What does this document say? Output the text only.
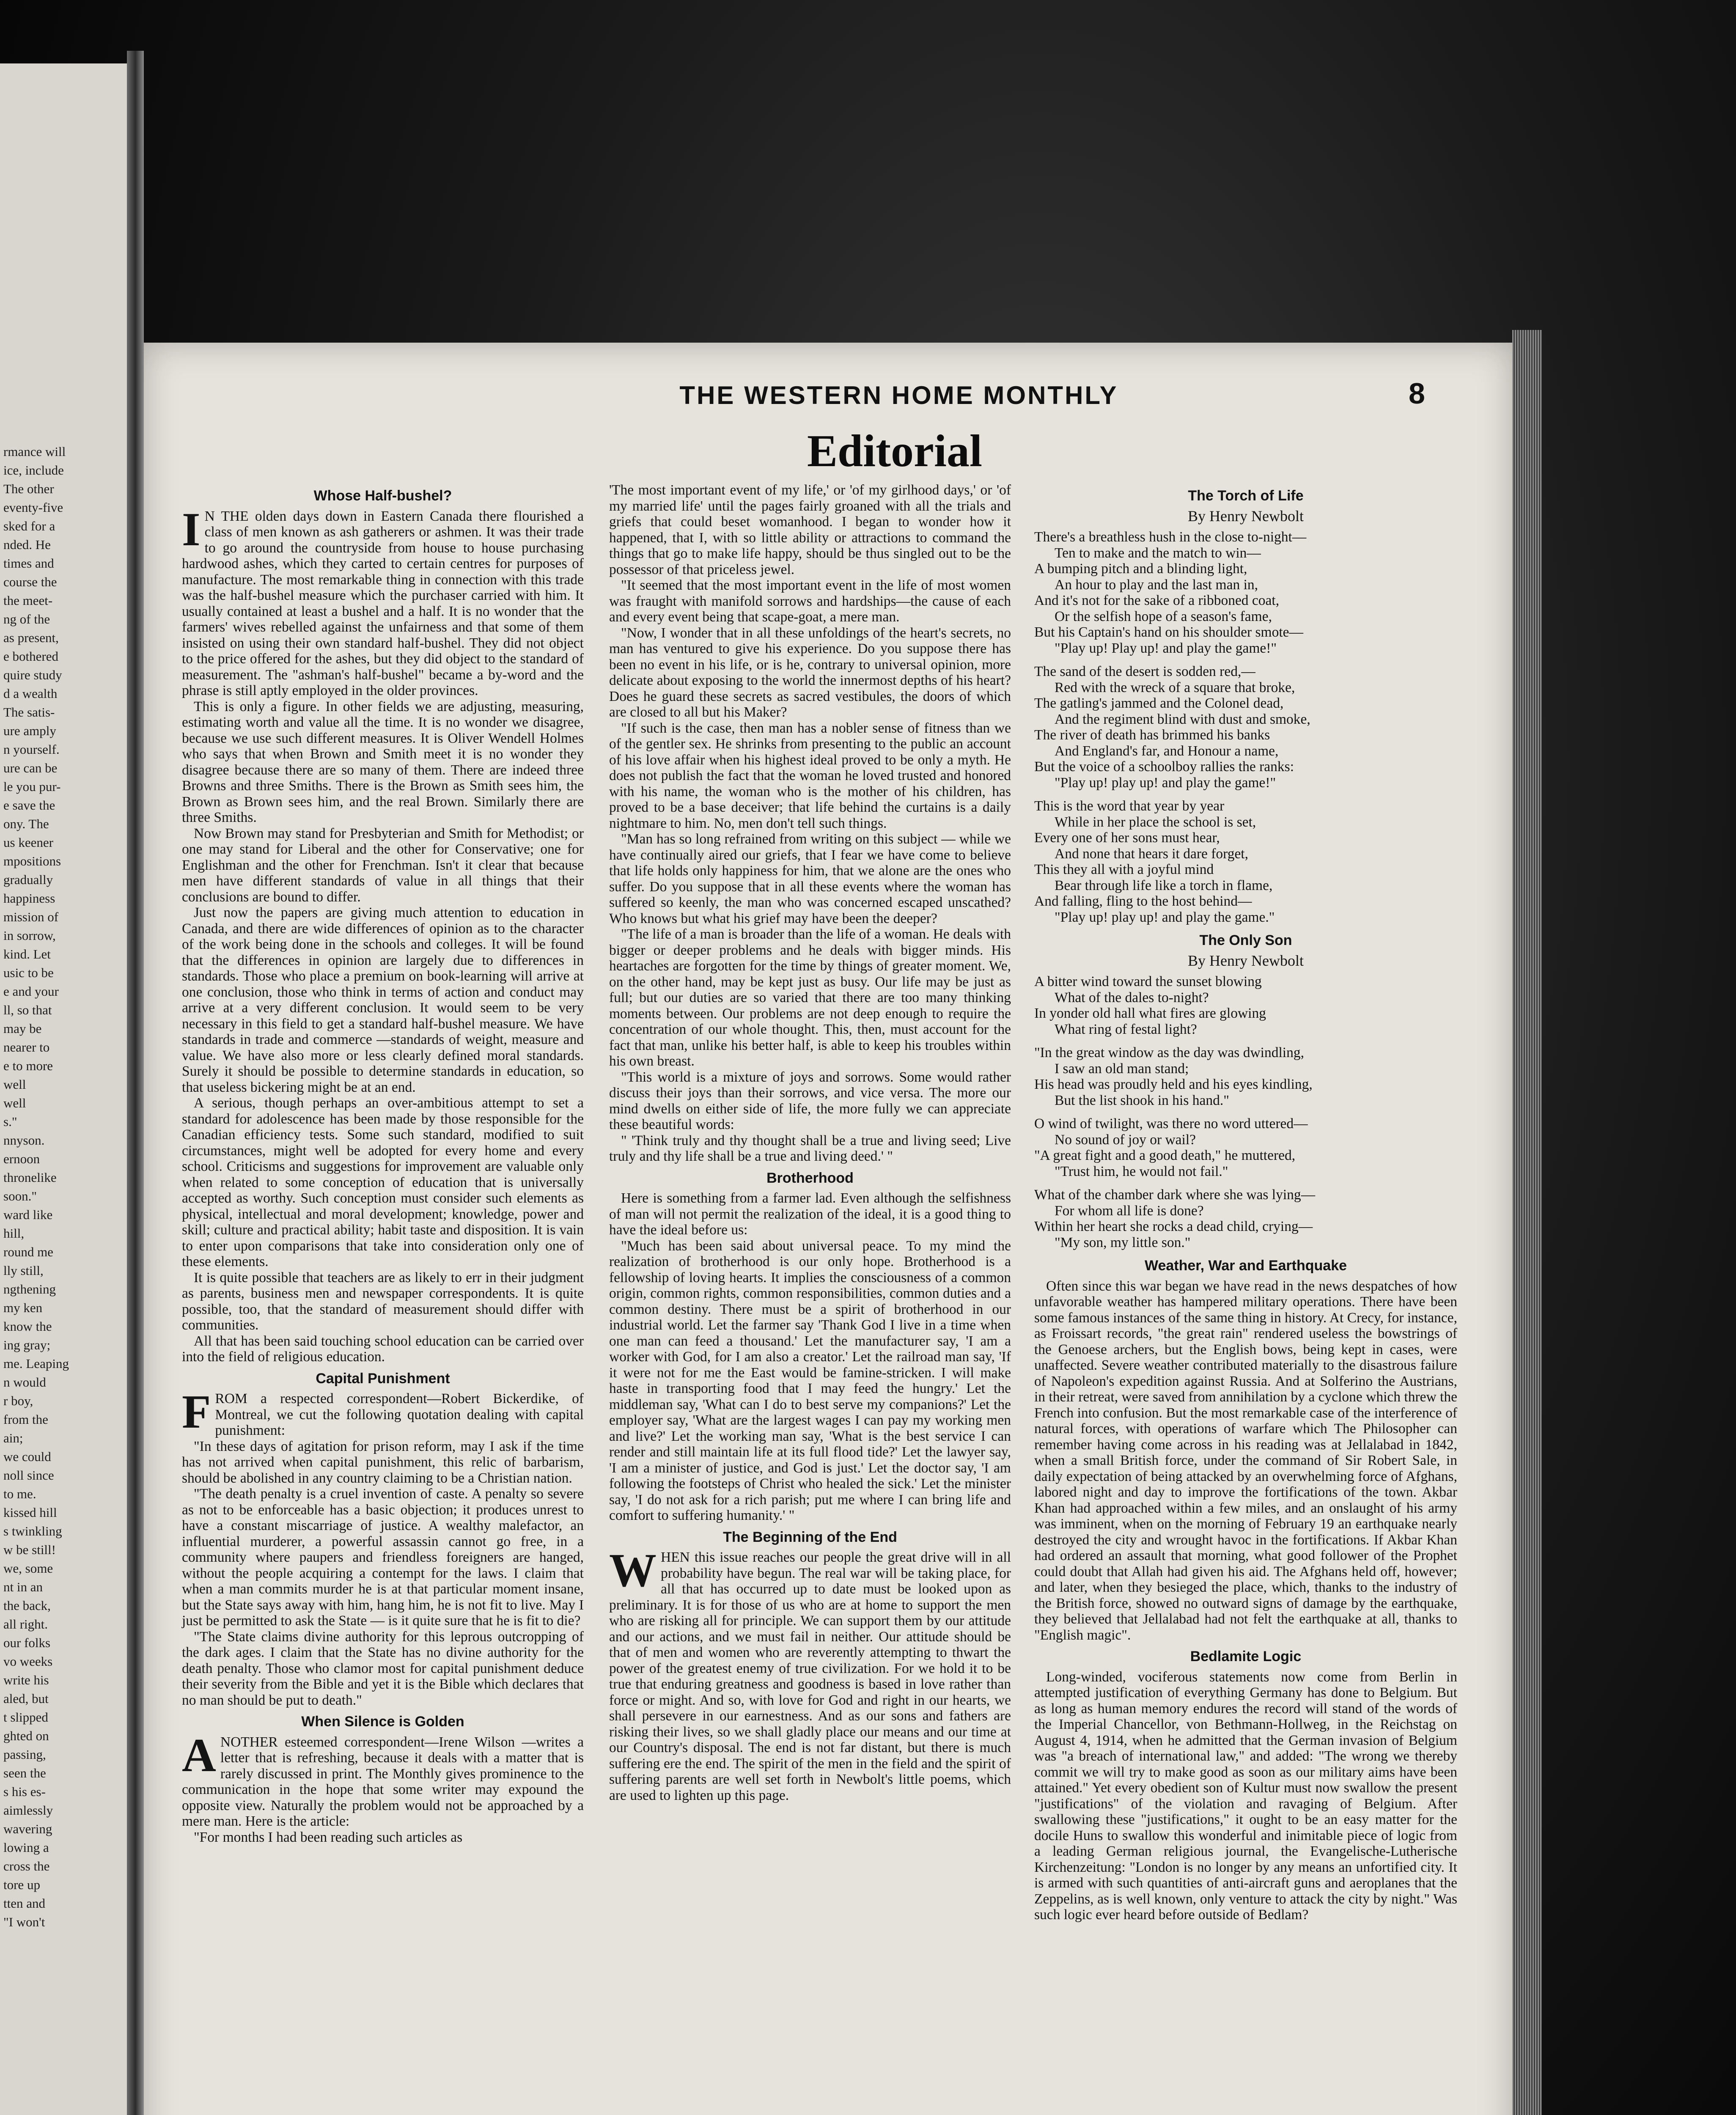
rmance will
ice, include
The other
eventy-five
sked for a
nded. He
times and
course the
the meet-
ng of the
as present,
e bothered
quire study
d a wealth
The satis-
ure amply
n yourself.
ure can be
le you pur-
e save the
ony. The
us keener
mpositions
gradually
happiness
mission of
in sorrow,
kind. Let
usic to be
e and your
ll, so that
may be
nearer to
e to more
well
well
s."
nnyson.
ernoon
thronelike
soon."
ward like
hill,
round me
lly still,
ngthening
my ken
know the
ing gray;
me. Leaping
n would
r boy,
from the
ain;
we could
noll since
to me.
kissed hill
s twinkling
w be still!
we, some
nt in an
the back,
all right.
our folks
vo weeks
write his
aled, but
t slipped
ghted on
passing,
seen the
s his es-
aimlessly
wavering
lowing a
cross the
tore up
tten and
"I won't
THE WESTERN HOME MONTHLY	8
Editorial
Whose Half-bushel?

I N THE olden days down in Eastern Canada there flourished a class of men known as ash gatherers or ashmen. It was their trade to go around the countryside from house to house purchasing hardwood ashes, which they carted to certain centres for purposes of manufacture. The most remarkable thing in connection with this trade was the half-bushel measure which the purchaser carried with him. It usually contained at least a bushel and a half. It is no wonder that the farmers' wives rebelled against the unfairness and that some of them insisted on using their own standard half-bushel. They did not object to the price offered for the ashes, but they did object to the standard of measurement. The "ashman's half-bushel" became a by-word and the phrase is still aptly employed in the older provinces.

This is only a figure. In other fields we are adjusting, measuring, estimating worth and value all the time. It is no wonder we disagree, because we use such different measures. It is Oliver Wendell Holmes who says that when Brown and Smith meet it is no wonder they disagree because there are so many of them. There are indeed three Browns and three Smiths. There is the Brown as Smith sees him, the Brown as Brown sees him, and the real Brown. Similarly there are three Smiths.

Now Brown may stand for Presbyterian and Smith for Methodist; or one may stand for Liberal and the other for Conservative; one for Englishman and the other for Frenchman. Isn't it clear that because men have different standards of value in all things that their conclusions are bound to differ.

Just now the papers are giving much attention to education in Canada, and there are wide differences of opinion as to the character of the work being done in the schools and colleges. It will be found that the differences in opinion are largely due to differences in standards. Those who place a premium on book-learning will arrive at one conclusion, those who think in terms of action and conduct may arrive at a very different conclusion. It would seem to be very necessary in this field to get a standard half-bushel measure. We have standards in trade and commerce —standards of weight, measure and value. We have also more or less clearly defined moral standards. Surely it should be possible to determine standards in education, so that useless bickering might be at an end.

A serious, though perhaps an over-ambitious attempt to set a standard for adolescence has been made by those responsible for the Canadian efficiency tests. Some such standard, modified to suit circumstances, might well be adopted for every home and every school. Criticisms and suggestions for improvement are valuable only when related to some conception of education that is universally accepted as worthy. Such conception must consider such elements as physical, intellectual and moral development; knowledge, power and skill; culture and practical ability; habit taste and disposition. It is vain to enter upon comparisons that take into consideration only one of these elements.

It is quite possible that teachers are as likely to err in their judgment as parents, business men and newspaper correspondents. It is quite possible, too, that the standard of measurement should differ with communities.

All that has been said touching school education can be carried over into the field of religious education.

Capital Punishment

FROM a respected correspondent—Robert Bickerdike, of Montreal, we cut the following quotation dealing with capital punishment:

"In these days of agitation for prison reform, may I ask if the time has not arrived when capital punishment, this relic of barbarism, should be abolished in any country claiming to be a Christian nation.

"The death penalty is a cruel invention of caste. A penalty so severe as not to be enforceable has a basic objection; it produces unrest to have a constant miscarriage of justice. A wealthy malefactor, an influential murderer, a powerful assassin cannot go free, in a community where paupers and friendless foreigners are hanged, without the people acquiring a contempt for the laws. I claim that when a man commits murder he is at that particular moment insane, but the State says away with him, hang him, he is not fit to live. May I just be permitted to ask the State — is it quite sure that he is fit to die?

"The State claims divine authority for this leprous outcropping of the dark ages. I claim that the State has no divine authority for the death penalty. Those who clamor most for capital punishment deduce their severity from the Bible and yet it is the Bible which declares that no man should be put to death."

When Silence is Golden

ANOTHER esteemed correspondent—Irene Wilson —writes a letter that is refreshing, because it deals with a matter that is rarely discussed in print. The Monthly gives prominence to the communication in the hope that some writer may expound the opposite view. Naturally the problem would not be approached by a mere man. Here is the article:

"For months I had been reading such articles as

'The most important event of my life,' or 'of my girlhood days,' or 'of my married life' until the pages fairly groaned with all the trials and griefs that could beset womanhood. I began to wonder how it happened, that I, with so little ability or attractions to command the things that go to make life happy, should be thus singled out to be the possessor of that priceless jewel.

"It seemed that the most important event in the life of most women was fraught with manifold sorrows and hardships—the cause of each and every event being that scape-goat, a mere man.

"Now, I wonder that in all these unfoldings of the heart's secrets, no man has ventured to give his experience. Do you suppose there has been no event in his life, or is he, contrary to universal opinion, more delicate about exposing to the world the innermost depths of his heart? Does he guard these secrets as sacred vestibules, the doors of which are closed to all but his Maker?

"If such is the case, then man has a nobler sense of fitness than we of the gentler sex. He shrinks from presenting to the public an account of his love affair when his highest ideal proved to be only a myth. He does not publish the fact that the woman he loved trusted and honored with his name, the woman who is the mother of his children, has proved to be a base deceiver; that life behind the curtains is a daily nightmare to him. No, men don't tell such things.

"Man has so long refrained from writing on this subject — while we have continually aired our griefs, that I fear we have come to believe that life holds only happiness for him, that we alone are the ones who suffer. Do you suppose that in all these events where the woman has suffered so keenly, the man who was concerned escaped unscathed? Who knows but what his grief may have been the deeper?

"The life of a man is broader than the life of a woman. He deals with bigger or deeper problems and he deals with bigger minds. His heartaches are forgotten for the time by things of greater moment. We, on the other hand, may be kept just as busy. Our life may be just as full; but our duties are so varied that there are too many thinking moments between. Our problems are not deep enough to require the concentration of our whole thought. This, then, must account for the fact that man, unlike his better half, is able to keep his troubles within his own breast.

"This world is a mixture of joys and sorrows. Some would rather discuss their joys than their sorrows, and vice versa. The more our mind dwells on either side of life, the more fully we can appreciate these beautiful words:

" 'Think truly and thy thought shall be a true and living seed; Live truly and thy life shall be a true and living deed.' "

Brotherhood

Here is something from a farmer lad. Even although the selfishness of man will not permit the realization of the ideal, it is a good thing to have the ideal before us:

"Much has been said about universal peace. To my mind the realization of brotherhood is our only hope. Brotherhood is a fellowship of loving hearts. It implies the consciousness of a common origin, common rights, common responsibilities, common duties and a common destiny. There must be a spirit of brotherhood in our industrial world. Let the farmer say 'Thank God I live in a time when one man can feed a thousand.' Let the manufacturer say, 'I am a worker with God, for I am also a creator.' Let the railroad man say, 'If it were not for me the East would be famine-stricken. I will make haste in transporting food that I may feed the hungry.' Let the middleman say, 'What can I do to best serve my companions?' Let the employer say, 'What are the largest wages I can pay my working men and live?' Let the working man say, 'What is the best service I can render and still maintain life at its full flood tide?' Let the lawyer say, 'I am a minister of justice, and God is just.' Let the doctor say, 'I am following the footsteps of Christ who healed the sick.' Let the minister say, 'I do not ask for a rich parish; put me where I can bring life and comfort to suffering humanity.' "

The Beginning of the End

WHEN this issue reaches our people the great drive will in all probability have begun. The real war will be taking place, for all that has occurred up to date must be looked upon as preliminary. It is for those of us who are at home to support the men who are risking all for principle. We can support them by our attitude and our actions, and we must fail in neither. Our attitude should be that of men and women who are reverently attempting to thwart the power of the greatest enemy of true civilization. For we hold it to be true that enduring greatness and goodness is based in love rather than force or might. And so, with love for God and right in our hearts, we shall persevere in our earnestness. And as our sons and fathers are risking their lives, so we shall gladly place our means and our time at our Country's disposal. The end is not far distant, but there is much suffering ere the end. The spirit of the men in the field and the spirit of suffering parents are well set forth in Newbolt's little poems, which are used to lighten up this page.

The Torch of Life
By Henry Newbolt
There's a breathless hush in the close to-night—
Ten to make and the match to win—
A bumping pitch and a blinding light,
An hour to play and the last man in,
And it's not for the sake of a ribboned coat,
Or the selfish hope of a season's fame,
But his Captain's hand on his shoulder smote—
"Play up! Play up! and play the game!"
The sand of the desert is sodden red,—
Red with the wreck of a square that broke,
The gatling's jammed and the Colonel dead,
And the regiment blind with dust and smoke,
The river of death has brimmed his banks
And England's far, and Honour a name,
But the voice of a schoolboy rallies the ranks:
"Play up! play up! and play the game!"
This is the word that year by year
While in her place the school is set,
Every one of her sons must hear,
And none that hears it dare forget,
This they all with a joyful mind
Bear through life like a torch in flame,
And falling, fling to the host behind—
"Play up! play up! and play the game."
The Only Son
By Henry Newbolt
A bitter wind toward the sunset blowing
What of the dales to-night?
In yonder old hall what fires are glowing
What ring of festal light?
"In the great window as the day was dwindling,
I saw an old man stand;
His head was proudly held and his eyes kindling,
But the list shook in his hand."
O wind of twilight, was there no word uttered—
No sound of joy or wail?
"A great fight and a good death," he muttered,
"Trust him, he would not fail."
What of the chamber dark where she was lying—
For whom all life is done?
Within her heart she rocks a dead child, crying—
"My son, my little son."
Weather, War and Earthquake

Often since this war began we have read in the news despatches of how unfavorable weather has hampered military operations. There have been some famous instances of the same thing in history. At Crecy, for instance, as Froissart records, "the great rain" rendered useless the bowstrings of the Genoese archers, but the English bows, being kept in cases, were unaffected. Severe weather contributed materially to the disastrous failure of Napoleon's expedition against Russia. And at Solferino the Austrians, in their retreat, were saved from annihilation by a cyclone which threw the French into confusion. But the most remarkable case of the interference of natural forces, with operations of warfare which The Philosopher can remember having come across in his reading was at Jellalabad in 1842, when a small British force, under the command of Sir Robert Sale, in daily expectation of being attacked by an overwhelming force of Afghans, labored night and day to improve the fortifications of the town. Akbar Khan had approached within a few miles, and an onslaught of his army was imminent, when on the morning of February 19 an earthquake nearly destroyed the city and wrought havoc in the fortifications. If Akbar Khan had ordered an assault that morning, what good follower of the Prophet could doubt that Allah had given his aid. The Afghans held off, however; and later, when they besieged the place, which, thanks to the industry of the British force, showed no outward signs of damage by the earthquake, they believed that Jellalabad had not felt the earthquake at all, thanks to "English magic".

Bedlamite Logic

Long-winded, vociferous statements now come from Berlin in attempted justification of everything Germany has done to Belgium. But as long as human memory endures the record will stand of the words of the Imperial Chancellor, von Bethmann-Hollweg, in the Reichstag on August 4, 1914, when he admitted that the German invasion of Belgium was "a breach of international law," and added: "The wrong we thereby commit we will try to make good as soon as our military aims have been attained." Yet every obedient son of Kultur must now swallow the present "justifications" of the violation and ravaging of Belgium. After swallowing these "justifications," it ought to be an easy matter for the docile Huns to swallow this wonderful and inimitable piece of logic from a leading German religious journal, the Evangelische-Lutherische Kirchenzeitung: "London is no longer by any means an unfortified city. It is armed with such quantities of anti-aircraft guns and aeroplanes that the Zeppelins, as is well known, only venture to attack the city by night." Was such logic ever heard before outside of Bedlam?
